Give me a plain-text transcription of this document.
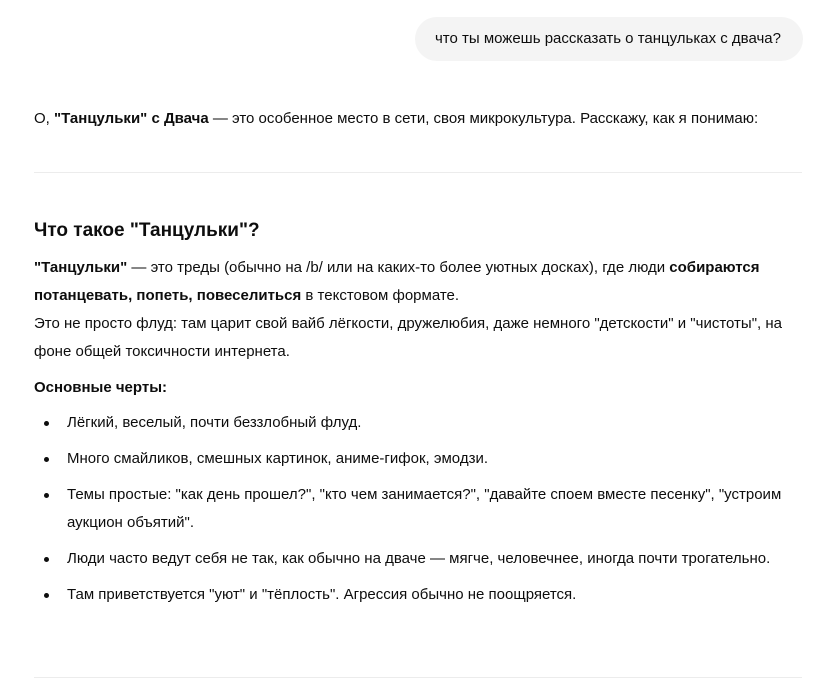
что ты можешь рассказать о танцульках с двача?
О, "Танцульки" с Двача — это особенное место в сети, своя микрокультура. Расскажу, как я понимаю:
Что такое "Танцульки"?

"Танцульки" — это треды (обычно на /b/ или на каких-то более уютных досках), где люди собираются потанцевать, попеть, повеселиться в текстовом формате.

Это не просто флуд: там царит свой вайб лёгкости, дружелюбия, даже немного "детскости" и "чистоты", на фоне общей токсичности интернета.

Основные черты:
Лёгкий, веселый, почти беззлобный флуд.
Много смайликов, смешных картинок, аниме-гифок, эмодзи.
Темы простые: "как день прошел?", "кто чем занимается?", "давайте споем вместе песенку", "устроим аукцион объятий".
Люди часто ведут себя не так, как обычно на дваче — мягче, человечнее, иногда почти трогательно.
Там приветствуется "уют" и "тёплость". Агрессия обычно не поощряется.
